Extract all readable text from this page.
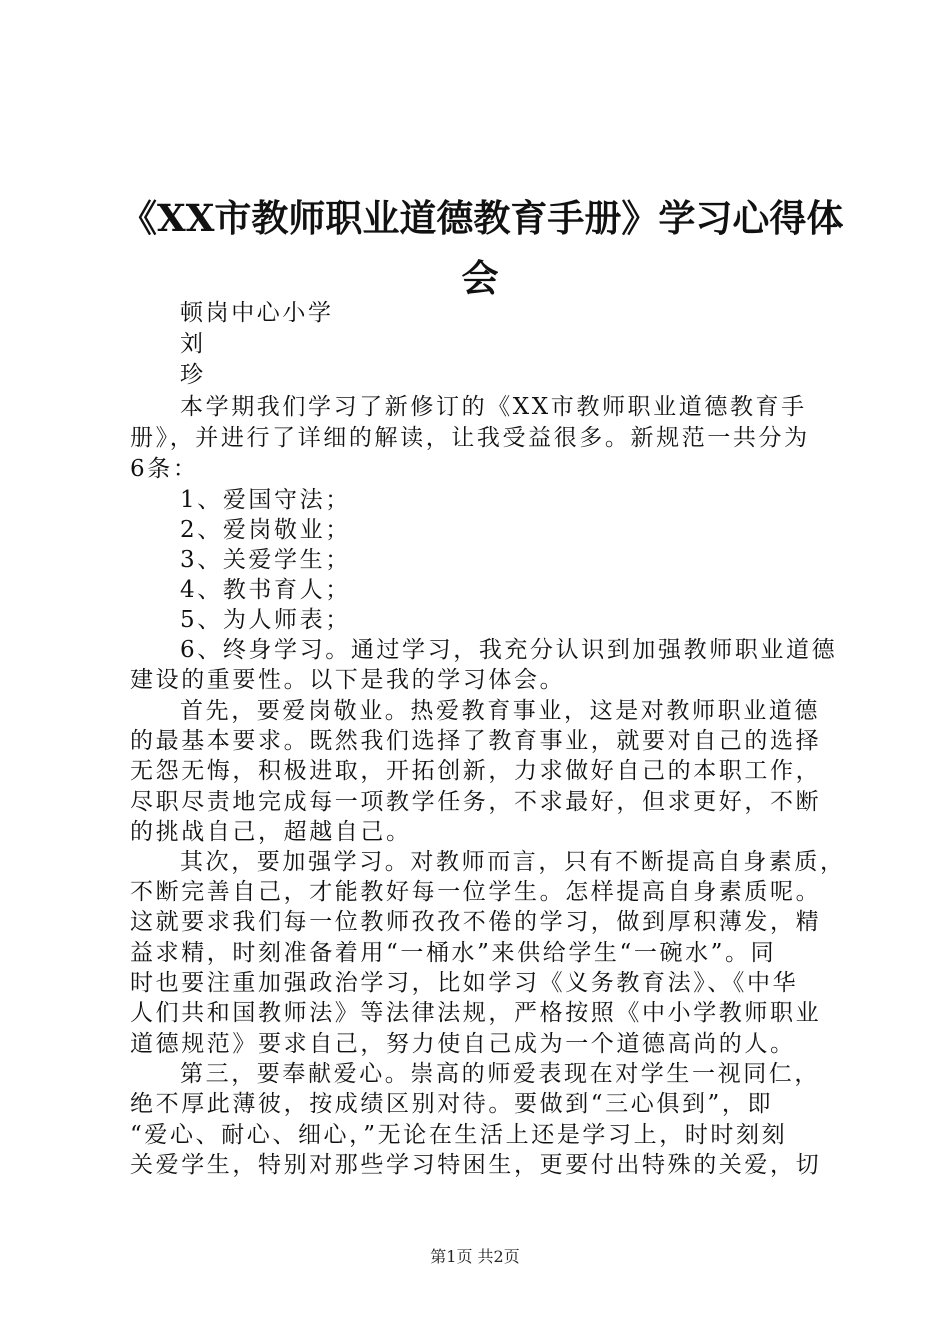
《XX市教师职业道德教育手册》学习心得体
会
顿岗中心小学
刘
珍
本学期我们学习了新修订的《XX市教师职业道德教育手
册》，并进行了详细的解读，让我受益很多。新规范一共分为
6条：
1、爱国守法；
2、爱岗敬业；
3、关爱学生；
4、教书育人；
5、为人师表；
6、终身学习。通过学习，我充分认识到加强教师职业道德
建设的重要性。以下是我的学习体会。
首先，要爱岗敬业。热爱教育事业，这是对教师职业道德
的最基本要求。既然我们选择了教育事业，就要对自己的选择
无怨无悔，积极进取，开拓创新，力求做好自己的本职工作，
尽职尽责地完成每一项教学任务，不求最好，但求更好，不断
的挑战自己，超越自己。
其次，要加强学习。对教师而言，只有不断提高自身素质，
不断完善自己，才能教好每一位学生。怎样提高自身素质呢。
这就要求我们每一位教师孜孜不倦的学习，做到厚积薄发，精
益求精，时刻准备着用“一桶水”来供给学生“一碗水”。同
时也要注重加强政治学习，比如学习《义务教育法》、《中华
人们共和国教师法》等法律法规，严格按照《中小学教师职业
道德规范》要求自己，努力使自己成为一个道德高尚的人。
第三，要奉献爱心。崇高的师爱表现在对学生一视同仁，
绝不厚此薄彼，按成绩区别对待。要做到“三心俱到”，即
“爱心、耐心、细心，”无论在生活上还是学习上，时时刻刻
关爱学生，特别对那些学习特困生，更要付出特殊的关爱，切
第1页 共2页
